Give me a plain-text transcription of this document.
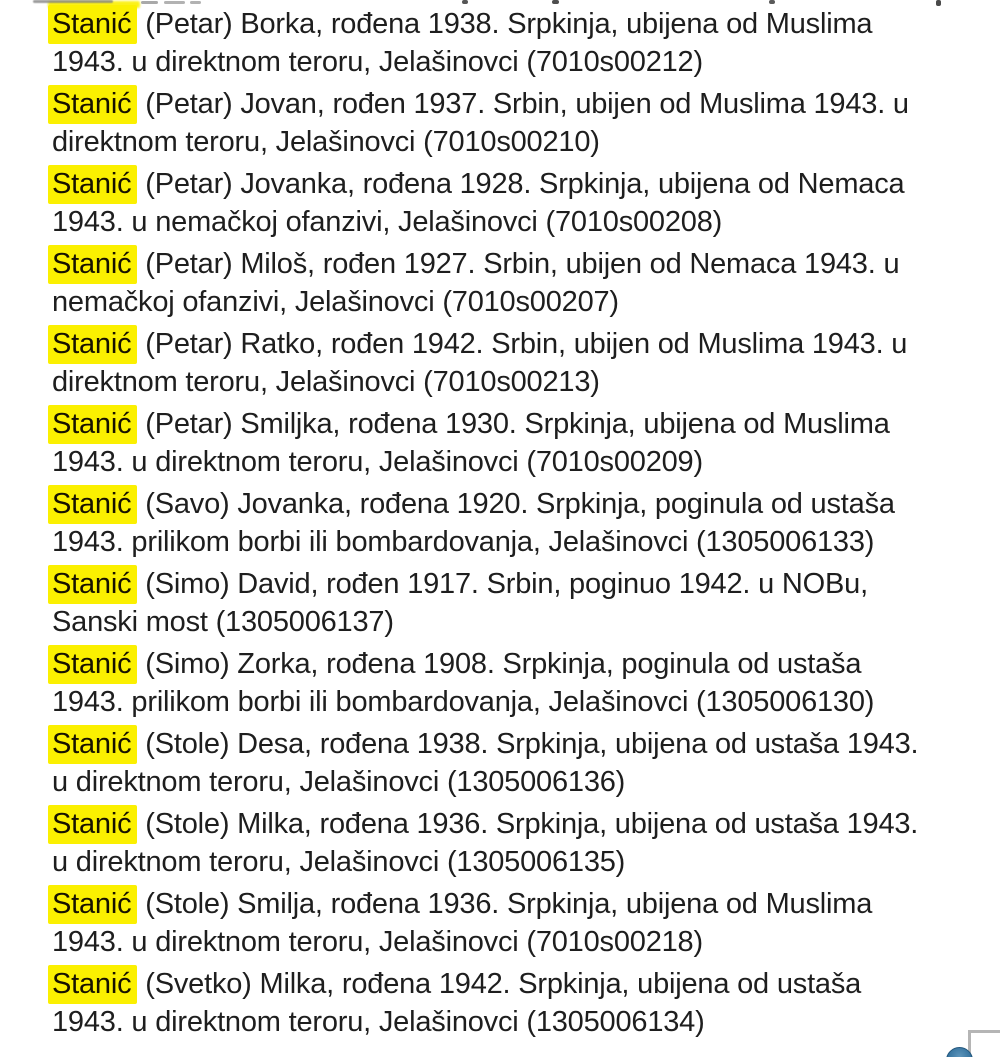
Stanić (Petar) Borka, rođena 1938. Srpkinja, ubijena od Muslima
1943. u direktnom teroru, Jelašinovci (7010s00212)

Stanić (Petar) Jovan, rođen 1937. Srbin, ubijen od Muslima 1943. u
direktnom teroru, Jelašinovci (7010s00210)

Stanić (Petar) Jovanka, rođena 1928. Srpkinja, ubijena od Nemaca
1943. u nemačkoj ofanzivi, Jelašinovci (7010s00208)

Stanić (Petar) Miloš, rođen 1927. Srbin, ubijen od Nemaca 1943. u
nemačkoj ofanzivi, Jelašinovci (7010s00207)

Stanić (Petar) Ratko, rođen 1942. Srbin, ubijen od Muslima 1943. u
direktnom teroru, Jelašinovci (7010s00213)

Stanić (Petar) Smiljka, rođena 1930. Srpkinja, ubijena od Muslima
1943. u direktnom teroru, Jelašinovci (7010s00209)

Stanić (Savo) Jovanka, rođena 1920. Srpkinja, poginula od ustaša
1943. prilikom borbi ili bombardovanja, Jelašinovci (1305006133)

Stanić (Simo) David, rođen 1917. Srbin, poginuo 1942. u NOBu,
Sanski most (1305006137)

Stanić (Simo) Zorka, rođena 1908. Srpkinja, poginula od ustaša
1943. prilikom borbi ili bombardovanja, Jelašinovci (1305006130)

Stanić (Stole) Desa, rođena 1938. Srpkinja, ubijena od ustaša 1943.
u direktnom teroru, Jelašinovci (1305006136)

Stanić (Stole) Milka, rođena 1936. Srpkinja, ubijena od ustaša 1943.
u direktnom teroru, Jelašinovci (1305006135)

Stanić (Stole) Smilja, rođena 1936. Srpkinja, ubijena od Muslima
1943. u direktnom teroru, Jelašinovci (7010s00218)

Stanić (Svetko) Milka, rođena 1942. Srpkinja, ubijena od ustaša
1943. u direktnom teroru, Jelašinovci (1305006134)
